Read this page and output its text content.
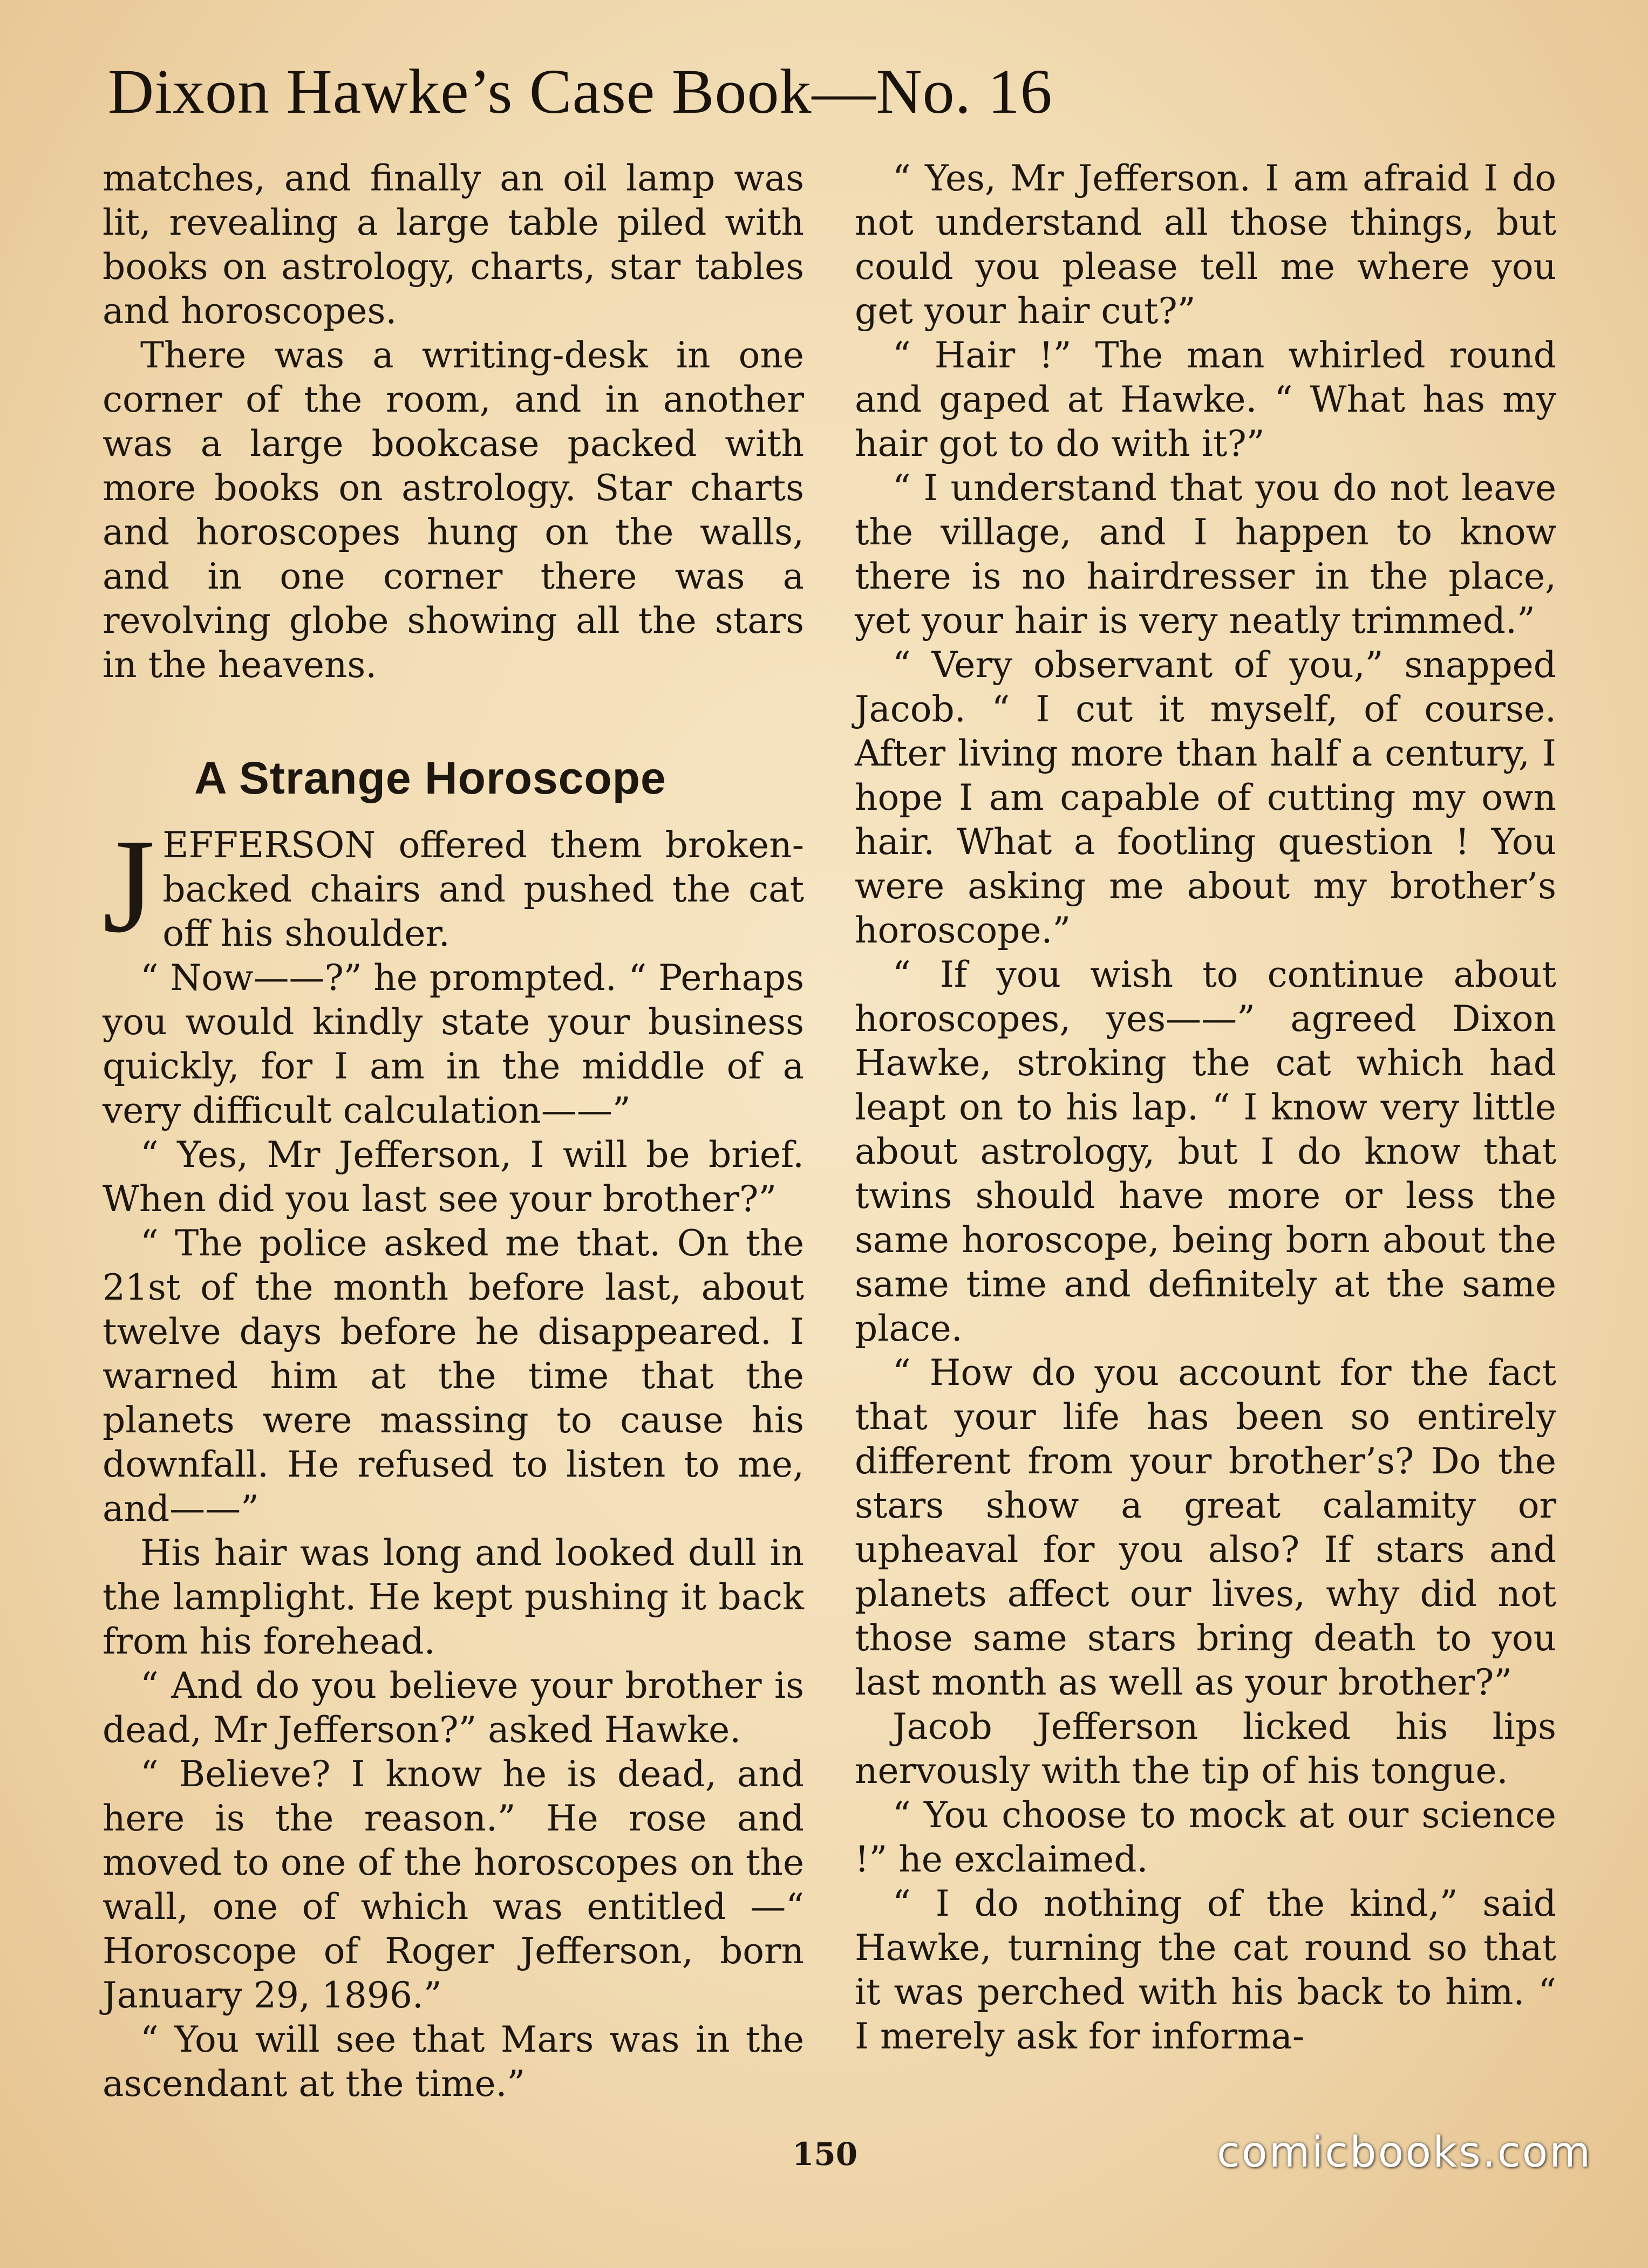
Dixon Hawke’s Case Book—No. 16

matches, and finally an oil lamp was lit, revealing a large table piled with books on astrology, charts, star tables and horoscopes.

There was a writing-desk in one corner of the room, and in another was a large bookcase packed with more books on astrology. Star charts and horoscopes hung on the walls, and in one corner there was a revolving globe showing all the stars in the heavens.

A Strange Horoscope

JEFFERSON offered them broken-backed chairs and pushed the cat off his shoulder.

“ Now——?” he prompted. “ Perhaps you would kindly state your business quickly, for I am in the middle of a very difficult calculation——”

“ Yes, Mr Jefferson, I will be brief. When did you last see your brother?”

“ The police asked me that. On the 21st of the month before last, about twelve days before he disappeared. I warned him at the time that the planets were massing to cause his downfall. He refused to listen to me, and——”

His hair was long and looked dull in the lamplight. He kept pushing it back from his forehead.

“ And do you believe your brother is dead, Mr Jefferson?” asked Hawke.

“ Believe? I know he is dead, and here is the reason.” He rose and moved to one of the horoscopes on the wall, one of which was entitled —“ Horoscope of Roger Jefferson, born January 29, 1896.”

“ You will see that Mars was in the ascendant at the time.”

“ Yes, Mr Jefferson. I am afraid I do not understand all those things, but could you please tell me where you get your hair cut?”

“ Hair !” The man whirled round and gaped at Hawke. “ What has my hair got to do with it?”

“ I understand that you do not leave the village, and I happen to know there is no hairdresser in the place, yet your hair is very neatly trimmed.”

“ Very observant of you,” snapped Jacob. “ I cut it myself, of course. After living more than half a century, I hope I am capable of cutting my own hair. What a footling question ! You were asking me about my brother’s horoscope.”

“ If you wish to continue about horoscopes, yes——” agreed Dixon Hawke, stroking the cat which had leapt on to his lap. “ I know very little about astrology, but I do know that twins should have more or less the same horoscope, being born about the same time and definitely at the same place.

“ How do you account for the fact that your life has been so entirely different from your brother’s? Do the stars show a great calamity or upheaval for you also? If stars and planets affect our lives, why did not those same stars bring death to you last month as well as your brother?”

Jacob Jefferson licked his lips nervously with the tip of his tongue.

“ You choose to mock at our science !” he exclaimed.

“ I do nothing of the kind,” said Hawke, turning the cat round so that it was perched with his back to him. “ I merely ask for informa-

150	comicbooks.com
